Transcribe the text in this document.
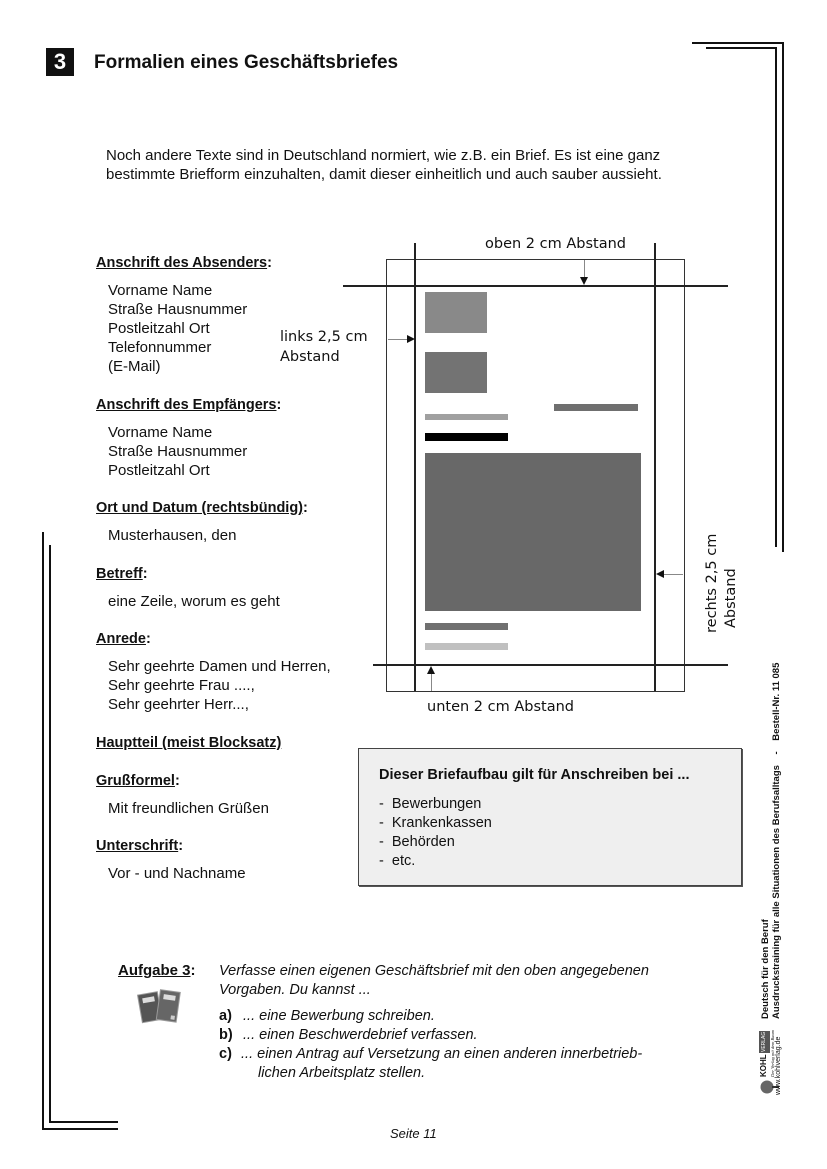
3	Formalien eines Geschäftsbriefes
Noch andere Texte sind in Deutschland normiert, wie z.B. ein Brief. Es ist eine ganz bestimmte Briefform einzuhalten, damit dieser einheitlich und auch sauber aussieht.
Anschrift des Absenders:
Vorname Name
Straße Hausnummer
Postleitzahl Ort
Telefonnummer
(E-Mail)
Anschrift des Empfängers:
Vorname Name
Straße Hausnummer
Postleitzahl Ort
Ort und Datum (rechtsbündig):
Musterhausen, den
Betreff:
eine Zeile, worum es geht
Anrede:
Sehr geehrte Damen und Herren,
Sehr geehrte Frau ....,
Sehr geehrter Herr...,
Hauptteil (meist Blocksatz)
Grußformel:
Mit freundlichen Grüßen
Unterschrift:
Vor - und Nachname
oben 2 cm Abstand
links 2,5 cm
Abstand
rechts 2,5 cm Abstand
unten 2 cm Abstand
Dieser Briefaufbau gilt für Anschreiben bei ...
-  Bewerbungen
-  Krankenkassen
-  Behörden
-  etc.
Aufgabe 3: Verfasse einen eigenen Geschäftsbrief mit den oben angegebenen Vorgaben. Du kannst ...
a) ... eine Bewerbung schreiben.
b) ... einen Beschwerdebrief verfassen.
c) ... einen Antrag auf Versetzung an einen anderen innerbetrieb-
lichen Arbeitsplatz stellen.
Seite 11
KOHL
VERLAG Der Verlag mit dem Baum www.kohlverlag.de
Deutsch für den Beruf Ausdruckstraining für alle Situationen des Berufsalltags    -    Bestell-Nr. 11 085
